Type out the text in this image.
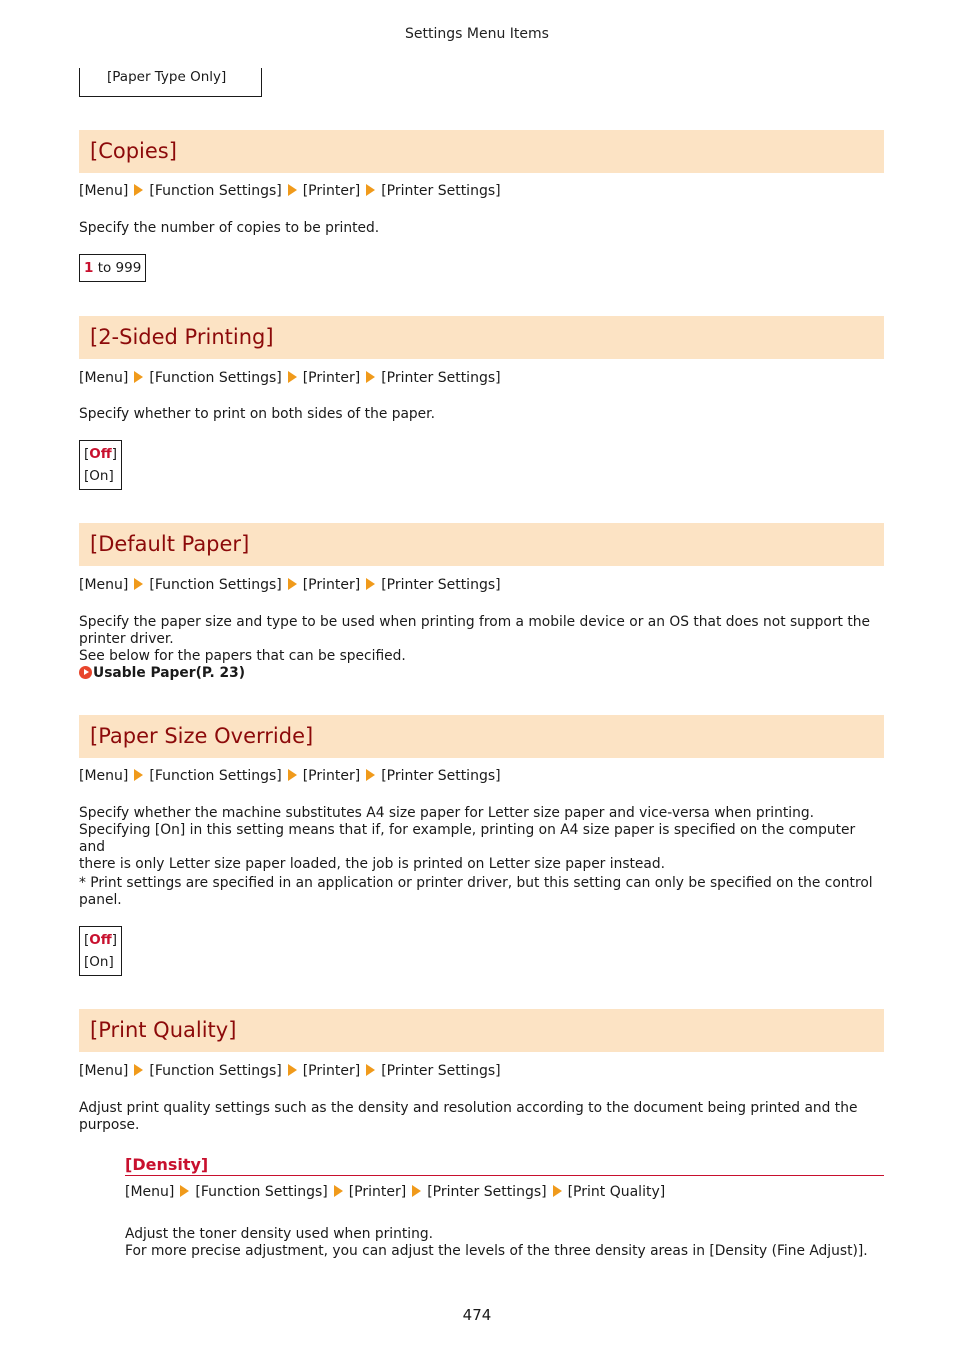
Settings Menu Items
[Paper Type Only]
[Copies]
[Menu] [Function Settings] [Printer] [Printer Settings]
Specify the number of copies to be printed.
1 to 999
[2-Sided Printing]
[Menu] [Function Settings] [Printer] [Printer Settings]
Specify whether to print on both sides of the paper.
[Off]
[On]
[Default Paper]
[Menu] [Function Settings] [Printer] [Printer Settings]
Specify the paper size and type to be used when printing from a mobile device or an OS that does not support the
printer driver.
See below for the papers that can be specified.
Usable Paper(P. 23)
[Paper Size Override]
[Menu] [Function Settings] [Printer] [Printer Settings]
Specify whether the machine substitutes A4 size paper for Letter size paper and vice-versa when printing.
Specifying [On] in this setting means that if, for example, printing on A4 size paper is specified on the computer and
there is only Letter size paper loaded, the job is printed on Letter size paper instead.
* Print settings are specified in an application or printer driver, but this setting can only be specified on the control
panel.
[Off]
[On]
[Print Quality]
[Menu] [Function Settings] [Printer] [Printer Settings]
Adjust print quality settings such as the density and resolution according to the document being printed and the
purpose.
[Density]
[Menu] [Function Settings] [Printer] [Printer Settings] [Print Quality]
Adjust the toner density used when printing.
For more precise adjustment, you can adjust the levels of the three density areas in [Density (Fine Adjust)].
474
